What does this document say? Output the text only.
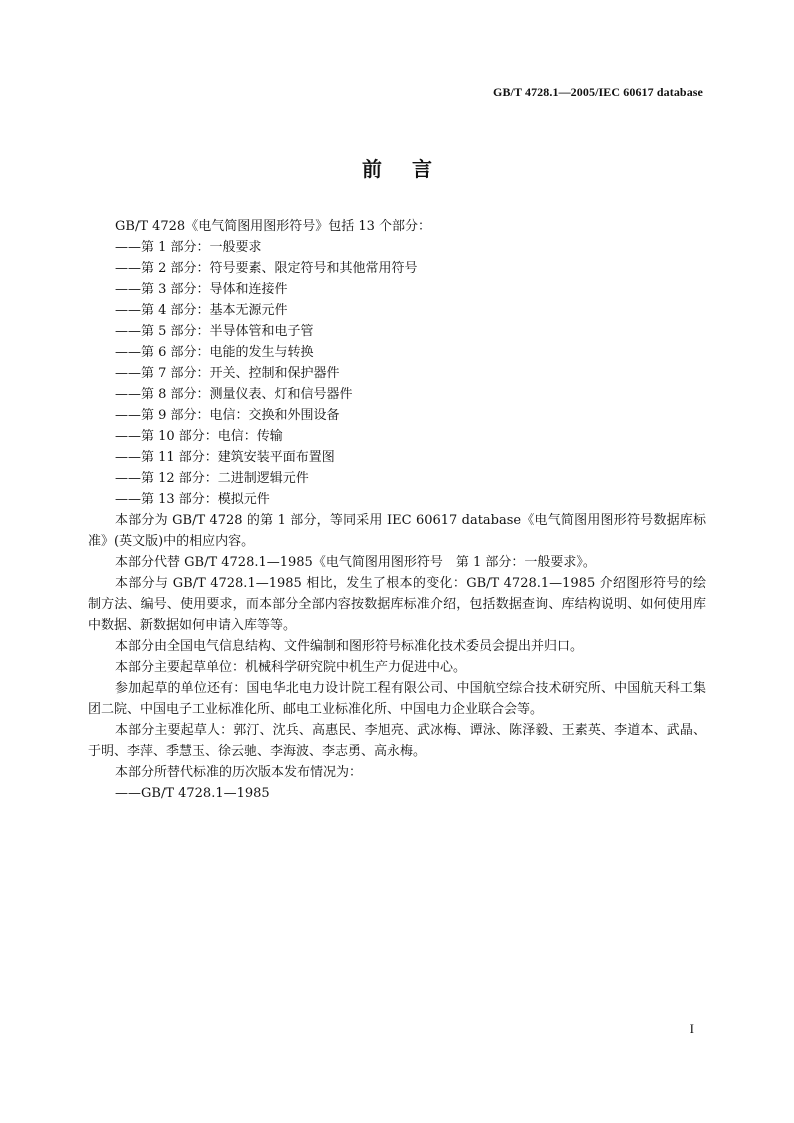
GB/T 4728.1—2005/IEC 60617 database
前言
GB/T 4728《电气简图用图形符号》包括 13 个部分：
——第 1 部分：一般要求
——第 2 部分：符号要素、限定符号和其他常用符号
——第 3 部分：导体和连接件
——第 4 部分：基本无源元件
——第 5 部分：半导体管和电子管
——第 6 部分：电能的发生与转换
——第 7 部分：开关、控制和保护器件
——第 8 部分：测量仪表、灯和信号器件
——第 9 部分：电信：交换和外围设备
——第 10 部分：电信：传输
——第 11 部分：建筑安装平面布置图
——第 12 部分：二进制逻辑元件
——第 13 部分：模拟元件
本部分为 GB/T 4728 的第 1 部分，等同采用 IEC 60617 database《电气简图用图形符号数据库标准》(英文版)中的相应内容。
本部分代替 GB/T 4728.1—1985《电气简图用图形符号　第 1 部分：一般要求》。
本部分与 GB/T 4728.1—1985 相比，发生了根本的变化：GB/T 4728.1—1985 介绍图形符号的绘制方法、编号、使用要求，而本部分全部内容按数据库标准介绍，包括数据查询、库结构说明、如何使用库中数据、新数据如何申请入库等等。
本部分由全国电气信息结构、文件编制和图形符号标准化技术委员会提出并归口。
本部分主要起草单位：机械科学研究院中机生产力促进中心。
参加起草的单位还有：国电华北电力设计院工程有限公司、中国航空综合技术研究所、中国航天科工集团二院、中国电子工业标准化所、邮电工业标准化所、中国电力企业联合会等。
本部分主要起草人：郭汀、沈兵、高惠民、李旭亮、武冰梅、谭泳、陈泽毅、王素英、李道本、武晶、于明、李萍、季慧玉、徐云驰、李海波、李志勇、高永梅。
本部分所替代标准的历次版本发布情况为：
——GB/T 4728.1—1985
I
